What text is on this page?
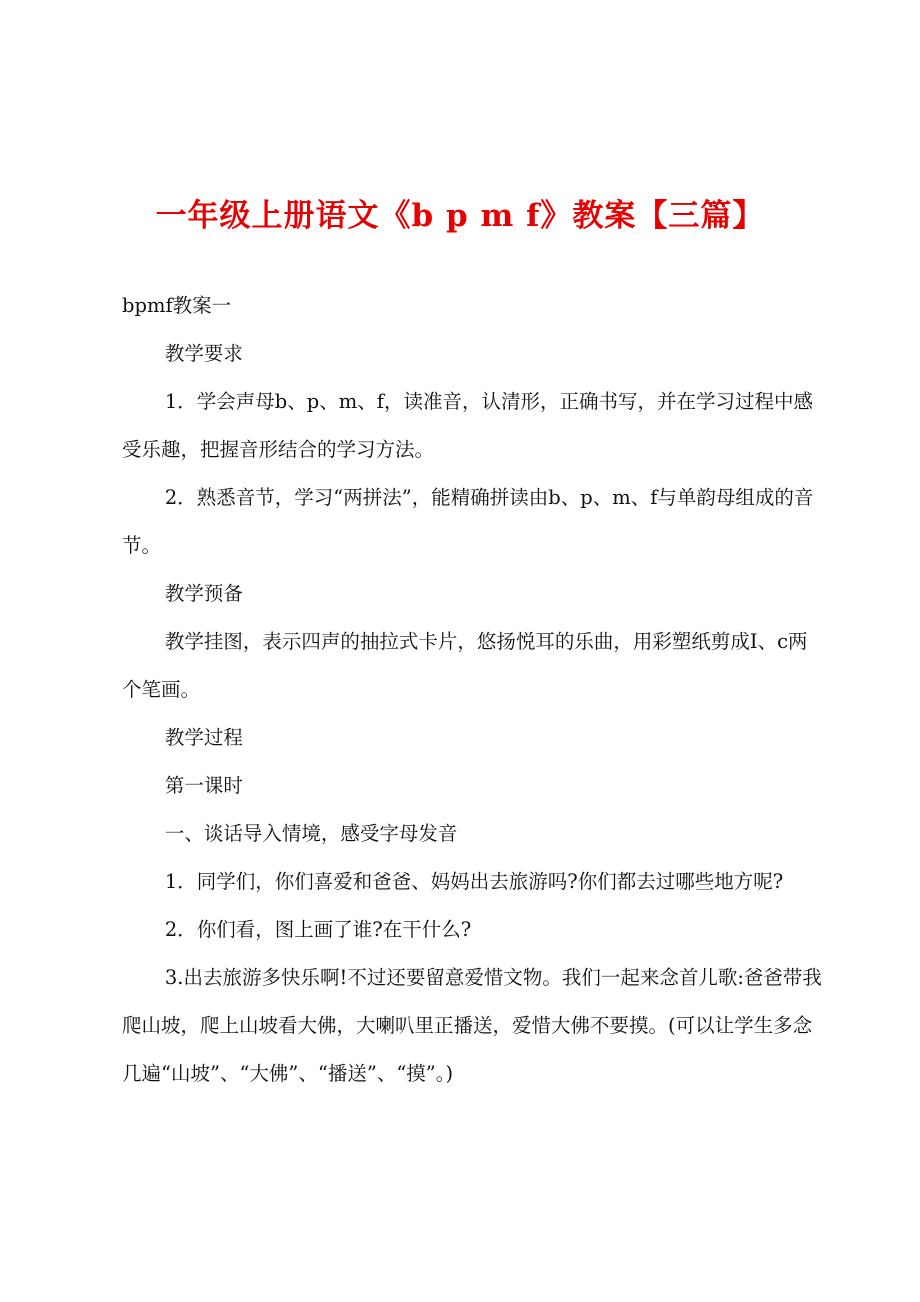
一年级上册语文《b p m f》教案【三篇】

bpmf教案一

教学要求

1．学会声母b、p、m、f，读准音，认清形，正确书写，并在学习过程中感受乐趣，把握音形结合的学习方法。

2．熟悉音节，学习“两拼法”，能精确拼读由b、p、m、f与单韵母组成的音节。

教学预备

教学挂图，表示四声的抽拉式卡片，悠扬悦耳的乐曲，用彩塑纸剪成I、c两个笔画。

教学过程

第一课时

一、谈话导入情境，感受字母发音

1．同学们，你们喜爱和爸爸、妈妈出去旅游吗?你们都去过哪些地方呢?

2．你们看，图上画了谁?在干什么?

3.出去旅游多快乐啊!不过还要留意爱惜文物。我们一起来念首儿歌:爸爸带我爬山坡，爬上山坡看大佛，大喇叭里正播送，爱惜大佛不要摸。(可以让学生多念几遍“山坡”、“大佛”、“播送”、“摸”。)
